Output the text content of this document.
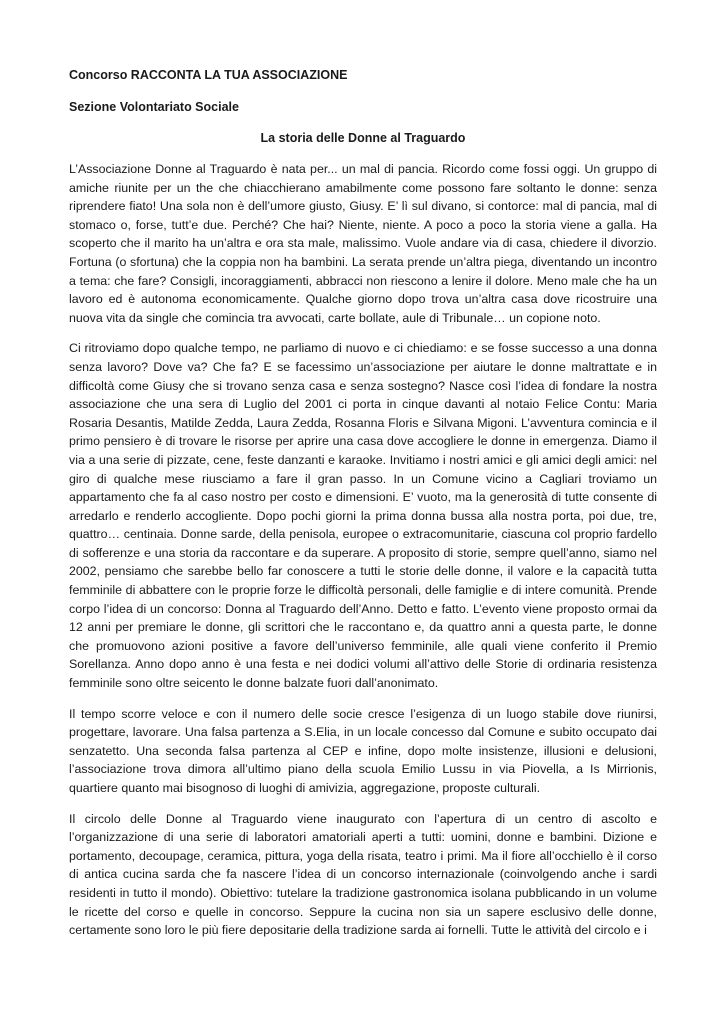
Concorso RACCONTA LA TUA ASSOCIAZIONE

Sezione Volontariato Sociale

La storia delle Donne al Traguardo

L’Associazione Donne al Traguardo è nata per... un mal di pancia. Ricordo come fossi oggi. Un gruppo di amiche riunite per un the che chiacchierano amabilmente come possono fare soltanto le donne: senza riprendere fiato! Una sola non è dell’umore giusto, Giusy. E’ lì sul divano, si contorce: mal di pancia, mal di stomaco o, forse, tutt’e due. Perché? Che hai? Niente, niente. A poco a poco la storia viene a galla. Ha scoperto che il marito ha un’altra e ora sta male, malissimo. Vuole andare via di casa, chiedere il divorzio. Fortuna (o sfortuna) che la coppia non ha bambini. La serata prende un’altra piega, diventando un incontro a tema: che fare? Consigli, incoraggiamenti, abbracci non riescono a lenire il dolore. Meno male che ha un lavoro ed è autonoma economicamente. Qualche giorno dopo trova un’altra casa dove ricostruire una nuova vita da single che comincia tra avvocati, carte bollate, aule di Tribunale… un copione noto.

Ci ritroviamo dopo qualche tempo, ne parliamo di nuovo e ci chiediamo: e se fosse successo a una donna senza lavoro? Dove va? Che fa? E se facessimo un’associazione per aiutare le donne maltrattate e in difficoltà come Giusy che si trovano senza casa e senza sostegno? Nasce così l’idea di fondare la nostra associazione che una sera di Luglio del 2001 ci porta in cinque davanti al notaio Felice Contu: Maria Rosaria Desantis, Matilde Zedda, Laura Zedda, Rosanna Floris e Silvana Migoni. L’avventura comincia e il primo pensiero è di trovare le risorse per aprire una casa dove accogliere le donne in emergenza. Diamo il via a una serie di pizzate, cene, feste danzanti e karaoke. Invitiamo i nostri amici e gli amici degli amici: nel giro di qualche mese riusciamo a fare il gran passo. In un Comune vicino a Cagliari troviamo un appartamento che fa al caso nostro per costo e dimensioni. E’ vuoto, ma la generosità di tutte consente di arredarlo e renderlo accogliente. Dopo pochi giorni la prima donna bussa alla nostra porta, poi due, tre, quattro… centinaia. Donne sarde, della penisola, europee o extracomunitarie, ciascuna col proprio fardello di sofferenze e una storia da raccontare e da superare. A proposito di storie, sempre quell’anno, siamo nel 2002, pensiamo che sarebbe bello far conoscere a tutti le storie delle donne, il valore e la capacità tutta femminile di abbattere con le proprie forze le difficoltà personali, delle famiglie e di intere comunità. Prende corpo l’idea di un concorso: Donna al Traguardo dell’Anno. Detto e fatto. L’evento viene proposto ormai da 12 anni per premiare le donne, gli scrittori che le raccontano e, da quattro anni a questa parte, le donne che promuovono azioni positive a favore dell’universo femminile, alle quali viene conferito il Premio Sorellanza. Anno dopo anno è una festa e nei dodici volumi all’attivo delle Storie di ordinaria resistenza femminile sono oltre seicento le donne balzate fuori dall’anonimato.

Il tempo scorre veloce e con il numero delle socie cresce l’esigenza di un luogo stabile dove riunirsi, progettare, lavorare. Una falsa partenza a S.Elia, in un locale concesso dal Comune e subito occupato dai senzatetto. Una seconda falsa partenza al CEP e infine, dopo molte insistenze, illusioni e delusioni, l’associazione trova dimora all’ultimo piano della scuola Emilio Lussu in via Piovella, a Is Mirrionis, quartiere quanto mai bisognoso di luoghi di amivizia, aggregazione, proposte culturali.

Il circolo delle Donne al Traguardo viene inaugurato con l’apertura di un centro di ascolto e l’organizzazione di una serie di laboratori amatoriali aperti a tutti: uomini, donne e bambini. Dizione e portamento, decoupage, ceramica, pittura, yoga della risata, teatro i primi. Ma il fiore all’occhiello è il corso di antica cucina sarda che fa nascere l’idea di un concorso internazionale (coinvolgendo anche i sardi residenti in tutto il mondo). Obiettivo: tutelare la tradizione gastronomica isolana pubblicando in un volume le ricette del corso e quelle in concorso. Seppure la cucina non sia un sapere esclusivo delle donne, certamente sono loro le più fiere depositarie della tradizione sarda ai fornelli. Tutte le attività del circolo e i
